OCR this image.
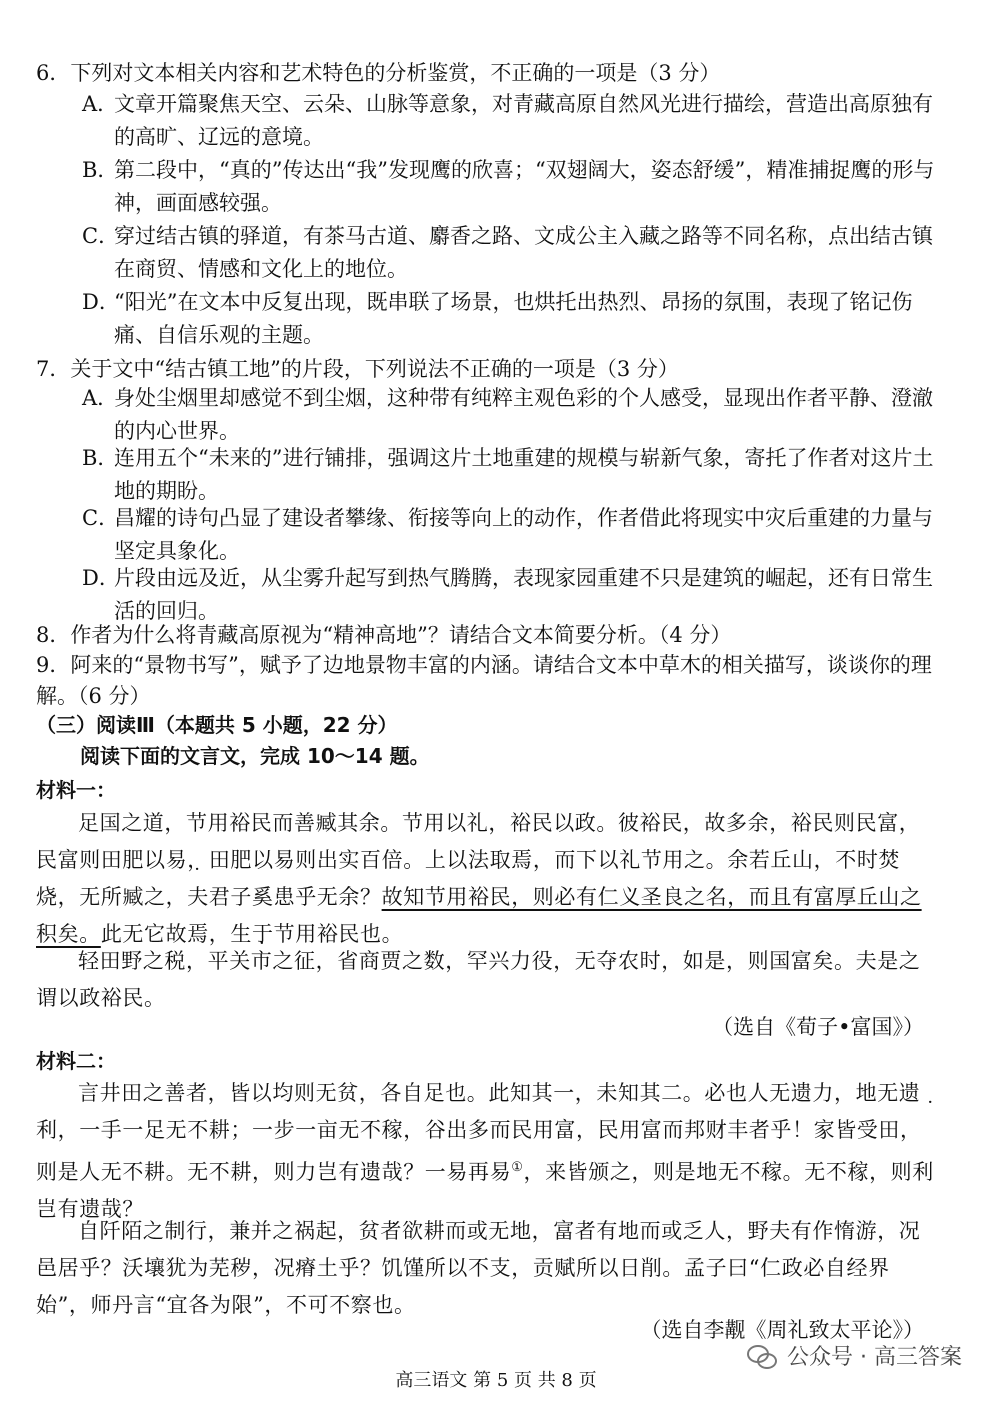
6．下列对文本相关内容和艺术特色的分析鉴赏，不正确的一项是（3 分）
A．文章开篇聚焦天空、云朵、山脉等意象，对青藏高原自然风光进行描绘，营造出高原独有的高旷、辽远的意境。
B．第二段中，“真的”传达出“我”发现鹰的欣喜；“双翅阔大，姿态舒缓”，精准捕捉鹰的形与神，画面感较强。
C．穿过结古镇的驿道，有茶马古道、麝香之路、文成公主入藏之路等不同名称，点出结古镇在商贸、情感和文化上的地位。
D．“阳光”在文本中反复出现，既串联了场景，也烘托出热烈、昂扬的氛围，表现了铭记伤痛、自信乐观的主题。
7．关于文中“结古镇工地”的片段，下列说法不正确的一项是（3 分）
A．身处尘烟里却感觉不到尘烟，这种带有纯粹主观色彩的个人感受，显现出作者平静、澄澈的内心世界。
B．连用五个“未来的”进行铺排，强调这片土地重建的规模与崭新气象，寄托了作者对这片土地的期盼。
C．昌耀的诗句凸显了建设者攀缘、衔接等向上的动作，作者借此将现实中灾后重建的力量与坚定具象化。
D．片段由远及近，从尘雾升起写到热气腾腾，表现家园重建不只是建筑的崛起，还有日常生活的回归。
8．作者为什么将青藏高原视为“精神高地”？请结合文本简要分析。（4 分）
9．阿来的“景物书写”，赋予了边地景物丰富的内涵。请结合文本中草木的相关描写，谈谈你的理解。（6 分）
（三）阅读Ⅲ（本题共 5 小题，22 分）
阅读下面的文言文，完成 10～14 题。
材料一：
足国之道，节用裕民而善臧其余。节用以礼，裕民以政。彼裕民，故多余，裕民则民富，民富则田肥以易，田肥以易则出实百倍。上以法取焉，而下以礼节用之。余若丘山，不时焚烧，无所臧之，夫君子奚患乎无余？故知节用裕民，则必有仁义圣良之名，而且有富厚丘山之积矣。此无它故焉，生于节用裕民也。
轻田野之税，平关市之征，省商贾之数，罕兴力役，无夺农时，如是，则国富矣。夫是之谓以政裕民。
（选自《荀子•富国》）
材料二：
言井田之善者，皆以均则无贫，各自足也。此知其一，未知其二。必也人无遗力，地无遗利，一手一足无不耕；一步一亩无不稼，谷出多而民用富，民用富而邦财丰者乎！家皆受田，则是人无不耕。无不耕，则力岂有遗哉？一易再易①，来皆颁之，则是地无不稼。无不稼，则利岂有遗哉？
自阡陌之制行，兼并之祸起，贫者欲耕而或无地，富者有地而或乏人，野夫有作惰游，况邑居乎？沃壤犹为芜秽，况瘠土乎？饥馑所以不支，贡赋所以日削。孟子曰“仁政必自经界始”，师丹言“宜各为限”，不可不察也。
（选自李觏《周礼致太平论》）
公众号 · 高三答案
高三语文 第 5 页 共 8 页
